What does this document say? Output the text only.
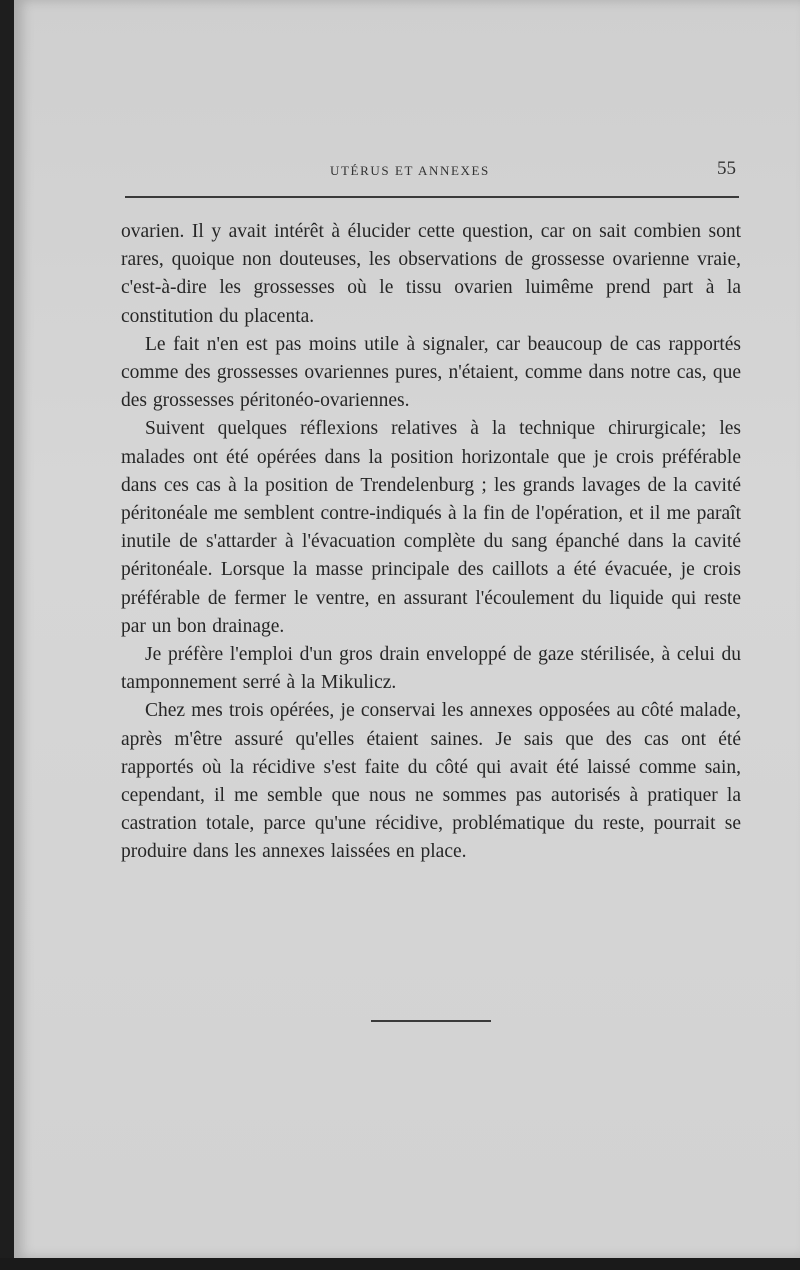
UTÉRUS ET ANNEXES	55

ovarien. Il y avait intérêt à élucider cette question, car on sait combien sont rares, quoique non douteuses, les observations de grossesse ovarienne vraie, c'est-à-dire les grossesses où le tissu ovarien luimême prend part à la constitution du placenta.

Le fait n'en est pas moins utile à signaler, car beaucoup de cas rapportés comme des grossesses ovariennes pures, n'étaient, comme dans notre cas, que des grossesses péritonéo-ovariennes.

Suivent quelques réflexions relatives à la technique chirurgicale; les malades ont été opérées dans la position horizontale que je crois préférable dans ces cas à la position de Trendelenburg ; les grands lavages de la cavité péritonéale me semblent contre-indiqués à la fin de l'opération, et il me paraît inutile de s'attarder à l'évacuation complète du sang épanché dans la cavité péritonéale. Lorsque la masse principale des caillots a été évacuée, je crois préférable de fermer le ventre, en assurant l'écoulement du liquide qui reste par un bon drainage.

Je préfère l'emploi d'un gros drain enveloppé de gaze stérilisée, à celui du tamponnement serré à la Mikulicz.

Chez mes trois opérées, je conservai les annexes opposées au côté malade, après m'être assuré qu'elles étaient saines. Je sais que des cas ont été rapportés où la récidive s'est faite du côté qui avait été laissé comme sain, cependant, il me semble que nous ne sommes pas autorisés à pratiquer la castration totale, parce qu'une récidive, problématique du reste, pourrait se produire dans les annexes laissées en place.
